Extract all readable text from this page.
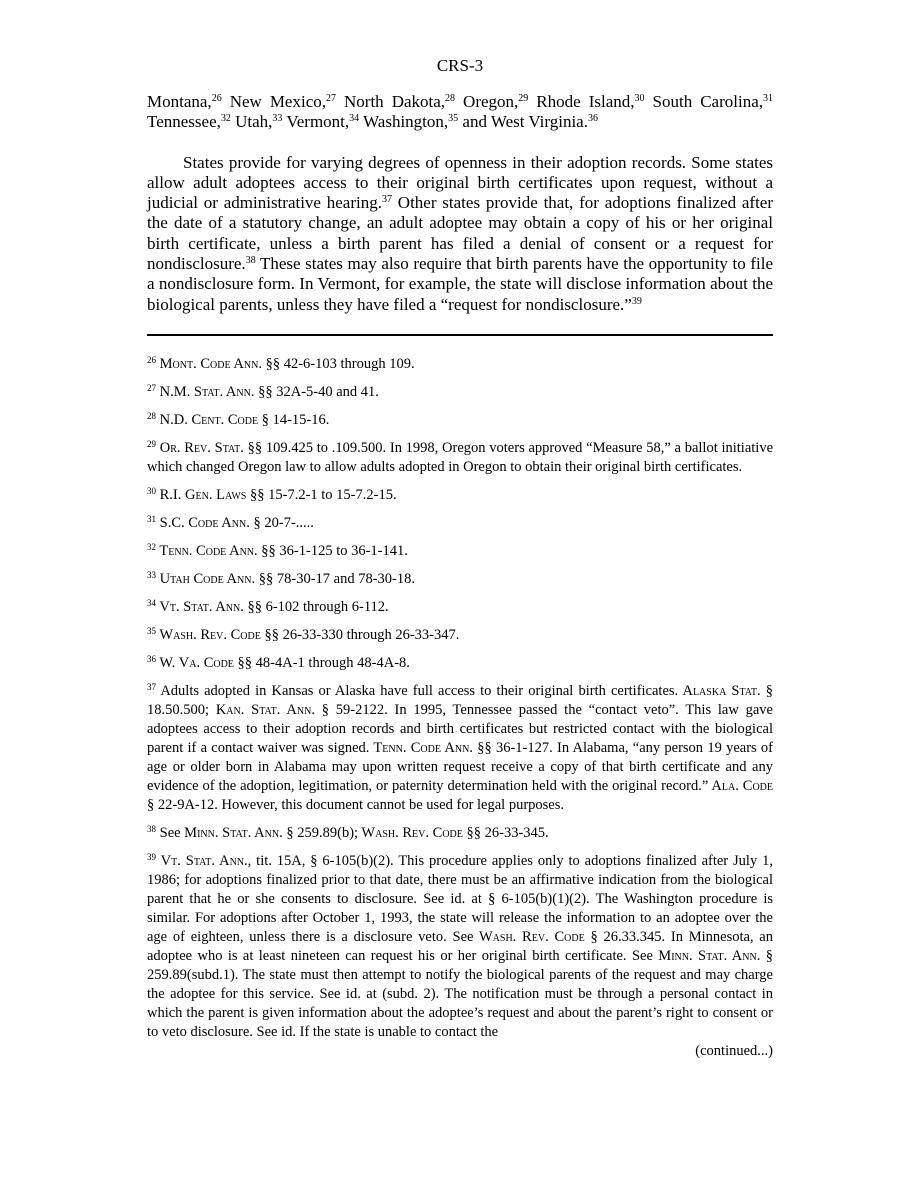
CRS-3

Montana,$^{26}$ New Mexico,$^{27}$ North Dakota,$^{28}$ Oregon,$^{29}$ Rhode Island,$^{30}$ South Carolina,$^{31}$ Tennessee,$^{32}$ Utah,$^{33}$ Vermont,$^{34}$ Washington,$^{35}$ and West Virginia.$^{36}$

States provide for varying degrees of openness in their adoption records. Some states allow adult adoptees access to their original birth certificates upon request, without a judicial or administrative hearing.$^{37}$ Other states provide that, for adoptions finalized after the date of a statutory change, an adult adoptee may obtain a copy of his or her original birth certificate, unless a birth parent has filed a denial of consent or a request for nondisclosure.$^{38}$ These states may also require that birth parents have the opportunity to file a nondisclosure form. In Vermont, for example, the state will disclose information about the biological parents, unless they have filed a “request for nondisclosure.”$^{39}$

$^{26}$ Mont. Code Ann. §§ 42-6-103 through 109.

$^{27}$ N.M. Stat. Ann. §§ 32A-5-40 and 41.

$^{28}$ N.D. Cent. Code § 14-15-16.

$^{29}$ Or. Rev. Stat. §§ 109.425 to .109.500. In 1998, Oregon voters approved “Measure 58,” a ballot initiative which changed Oregon law to allow adults adopted in Oregon to obtain their original birth certificates.

$^{30}$ R.I. Gen. Laws §§ 15-7.2-1 to 15-7.2-15.

$^{31}$ S.C. Code Ann. § 20-7-.....

$^{32}$ Tenn. Code Ann. §§ 36-1-125 to 36-1-141.

$^{33}$ Utah Code Ann. §§ 78-30-17 and 78-30-18.

$^{34}$ Vt. Stat. Ann. §§ 6-102 through 6-112.

$^{35}$ Wash. Rev. Code §§ 26-33-330 through 26-33-347.

$^{36}$ W. Va. Code §§ 48-4A-1 through 48-4A-8.

$^{37}$ Adults adopted in Kansas or Alaska have full access to their original birth certificates. Alaska Stat. § 18.50.500; Kan. Stat. Ann. § 59-2122. In 1995, Tennessee passed the “contact veto”. This law gave adoptees access to their adoption records and birth certificates but restricted contact with the biological parent if a contact waiver was signed. Tenn. Code Ann. §§ 36-1-127. In Alabama, “any person 19 years of age or older born in Alabama may upon written request receive a copy of that birth certificate and any evidence of the adoption, legitimation, or paternity determination held with the original record.” Ala. Code § 22-9A-12. However, this document cannot be used for legal purposes.

$^{38}$ See Minn. Stat. Ann. § 259.89(b); Wash. Rev. Code §§ 26-33-345.

$^{39}$ Vt. Stat. Ann., tit. 15A, § 6-105(b)(2). This procedure applies only to adoptions finalized after July 1, 1986; for adoptions finalized prior to that date, there must be an affirmative indication from the biological parent that he or she consents to disclosure. See id. at § 6-105(b)(1)(2). The Washington procedure is similar. For adoptions after October 1, 1993, the state will release the information to an adoptee over the age of eighteen, unless there is a disclosure veto. See Wash. Rev. Code § 26.33.345. In Minnesota, an adoptee who is at least nineteen can request his or her original birth certificate. See Minn. Stat. Ann. § 259.89(subd.1). The state must then attempt to notify the biological parents of the request and may charge the adoptee for this service. See id. at (subd. 2). The notification must be through a personal contact in which the parent is given information about the adoptee’s request and about the parent’s right to consent or to veto disclosure. See id. If the state is unable to contact the

(continued...)
